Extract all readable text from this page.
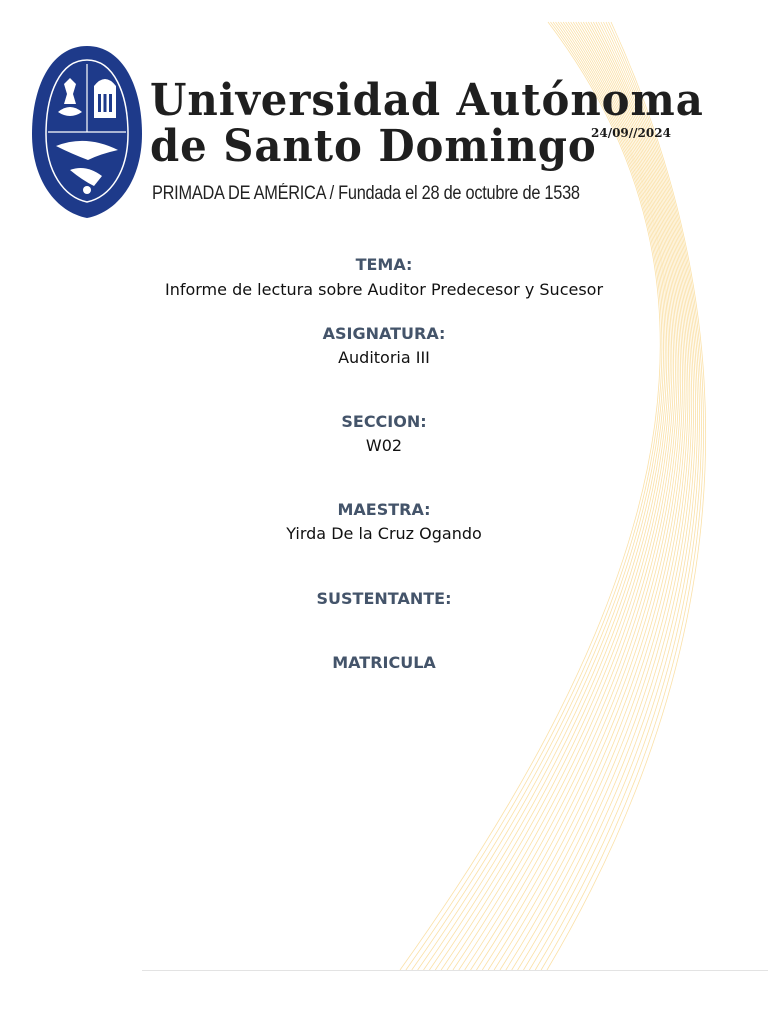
Universidad Autónoma
de Santo Domingo
PRIMADA DE AMÉRICA / Fundada el 28 de octubre de 1538
24/09//2024
TEMA:
Informe de lectura sobre Auditor Predecesor y Sucesor
ASIGNATURA:
Auditoria III
SECCION:
W02
MAESTRA:
Yirda De la Cruz Ogando
SUSTENTANTE:
MATRICULA
